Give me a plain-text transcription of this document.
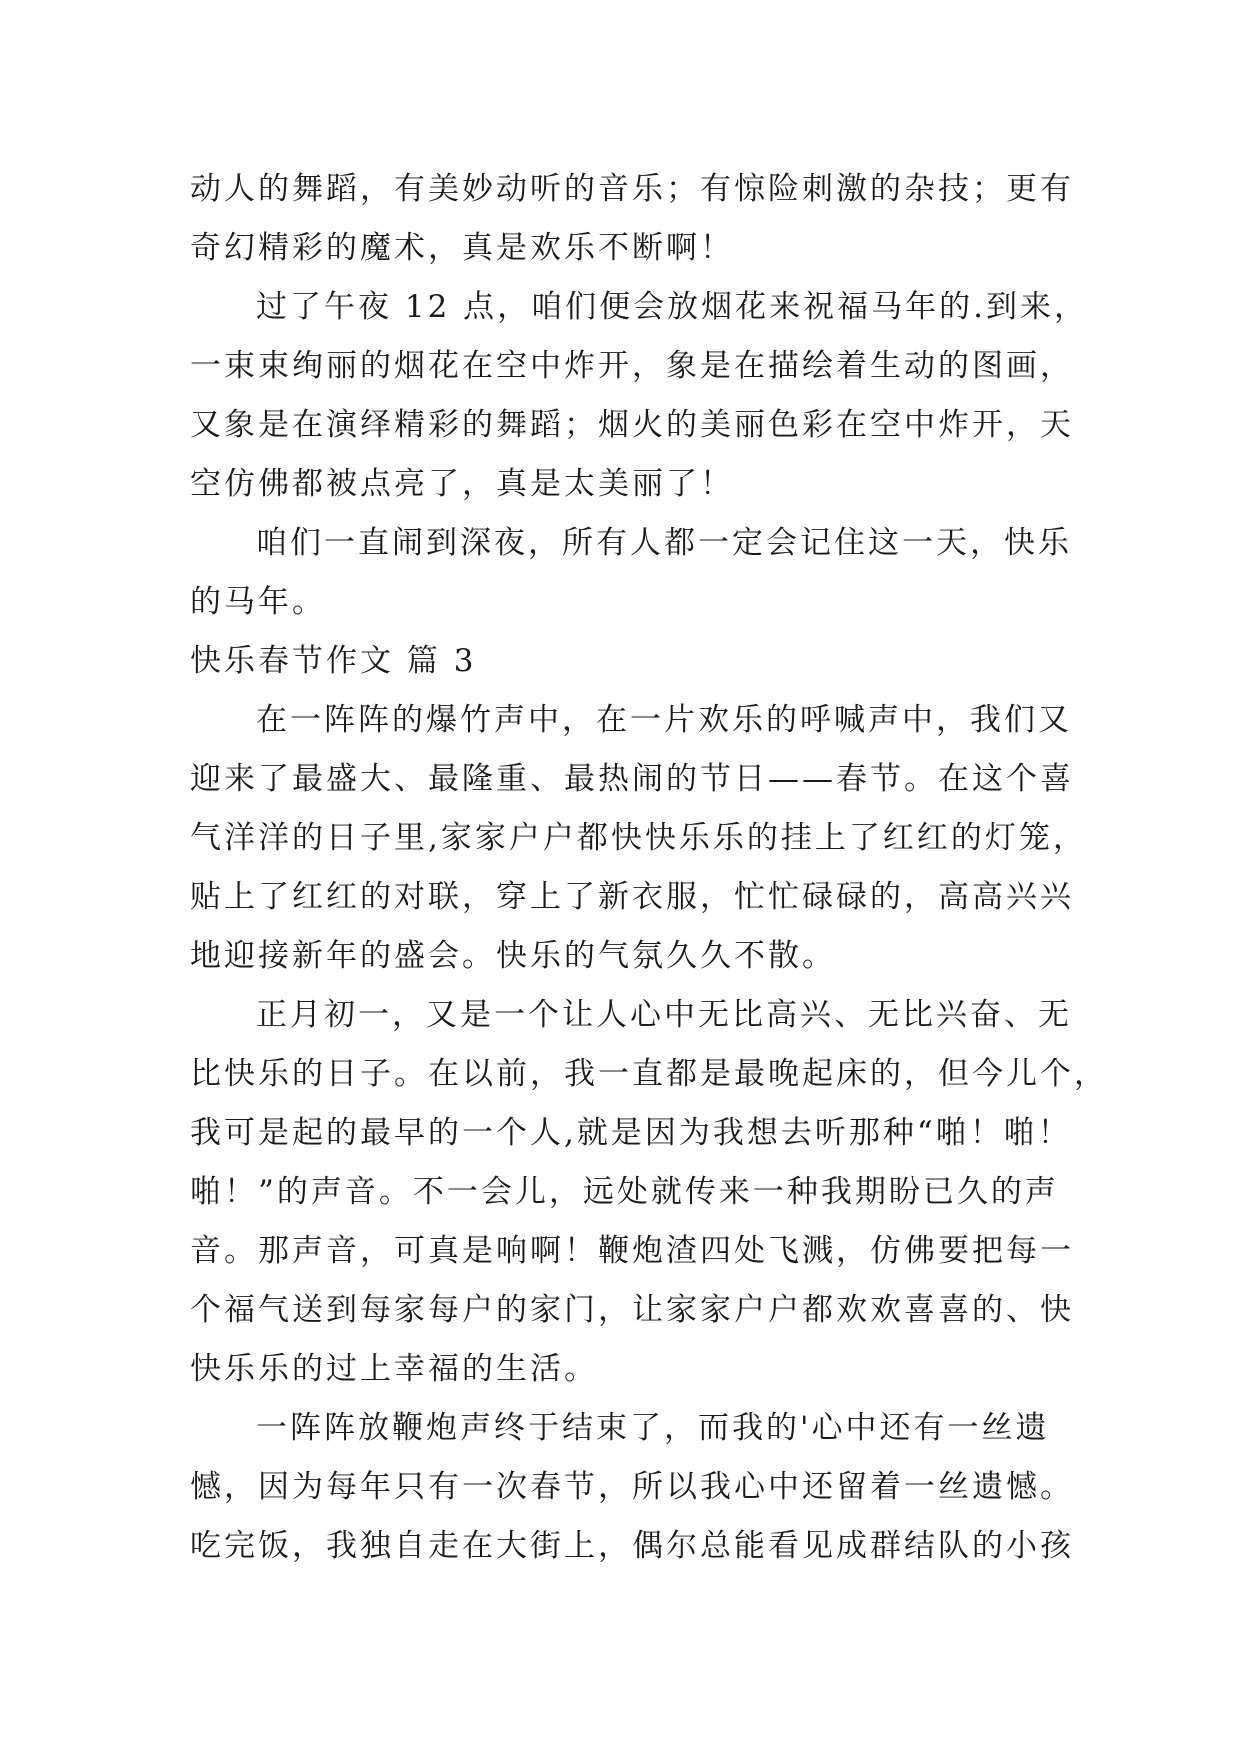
动人的舞蹈，有美妙动听的音乐；有惊险刺激的杂技；更有
奇幻精彩的魔术，真是欢乐不断啊！
过了午夜 12 点，咱们便会放烟花来祝福马年的.到来，
一束束绚丽的烟花在空中炸开，象是在描绘着生动的图画，
又象是在演绎精彩的舞蹈；烟火的美丽色彩在空中炸开，天
空仿佛都被点亮了，真是太美丽了！
咱们一直闹到深夜，所有人都一定会记住这一天，快乐
的马年。
快乐春节作文 篇 3
在一阵阵的爆竹声中，在一片欢乐的呼喊声中，我们又
迎来了最盛大、最隆重、最热闹的节日——春节。在这个喜
气洋洋的日子里,家家户户都快快乐乐的挂上了红红的灯笼，
贴上了红红的对联，穿上了新衣服，忙忙碌碌的，高高兴兴
地迎接新年的盛会。快乐的气氛久久不散。
正月初一，又是一个让人心中无比高兴、无比兴奋、无
比快乐的日子。在以前，我一直都是最晚起床的，但今儿个，
我可是起的最早的一个人,就是因为我想去听那种“啪！啪！
啪！”的声音。不一会儿，远处就传来一种我期盼已久的声
音。那声音，可真是响啊！鞭炮渣四处飞溅，仿佛要把每一
个福气送到每家每户的家门，让家家户户都欢欢喜喜的、快
快乐乐的过上幸福的生活。
一阵阵放鞭炮声终于结束了，而我的'心中还有一丝遗
憾，因为每年只有一次春节，所以我心中还留着一丝遗憾。
吃完饭，我独自走在大街上，偶尔总能看见成群结队的小孩
